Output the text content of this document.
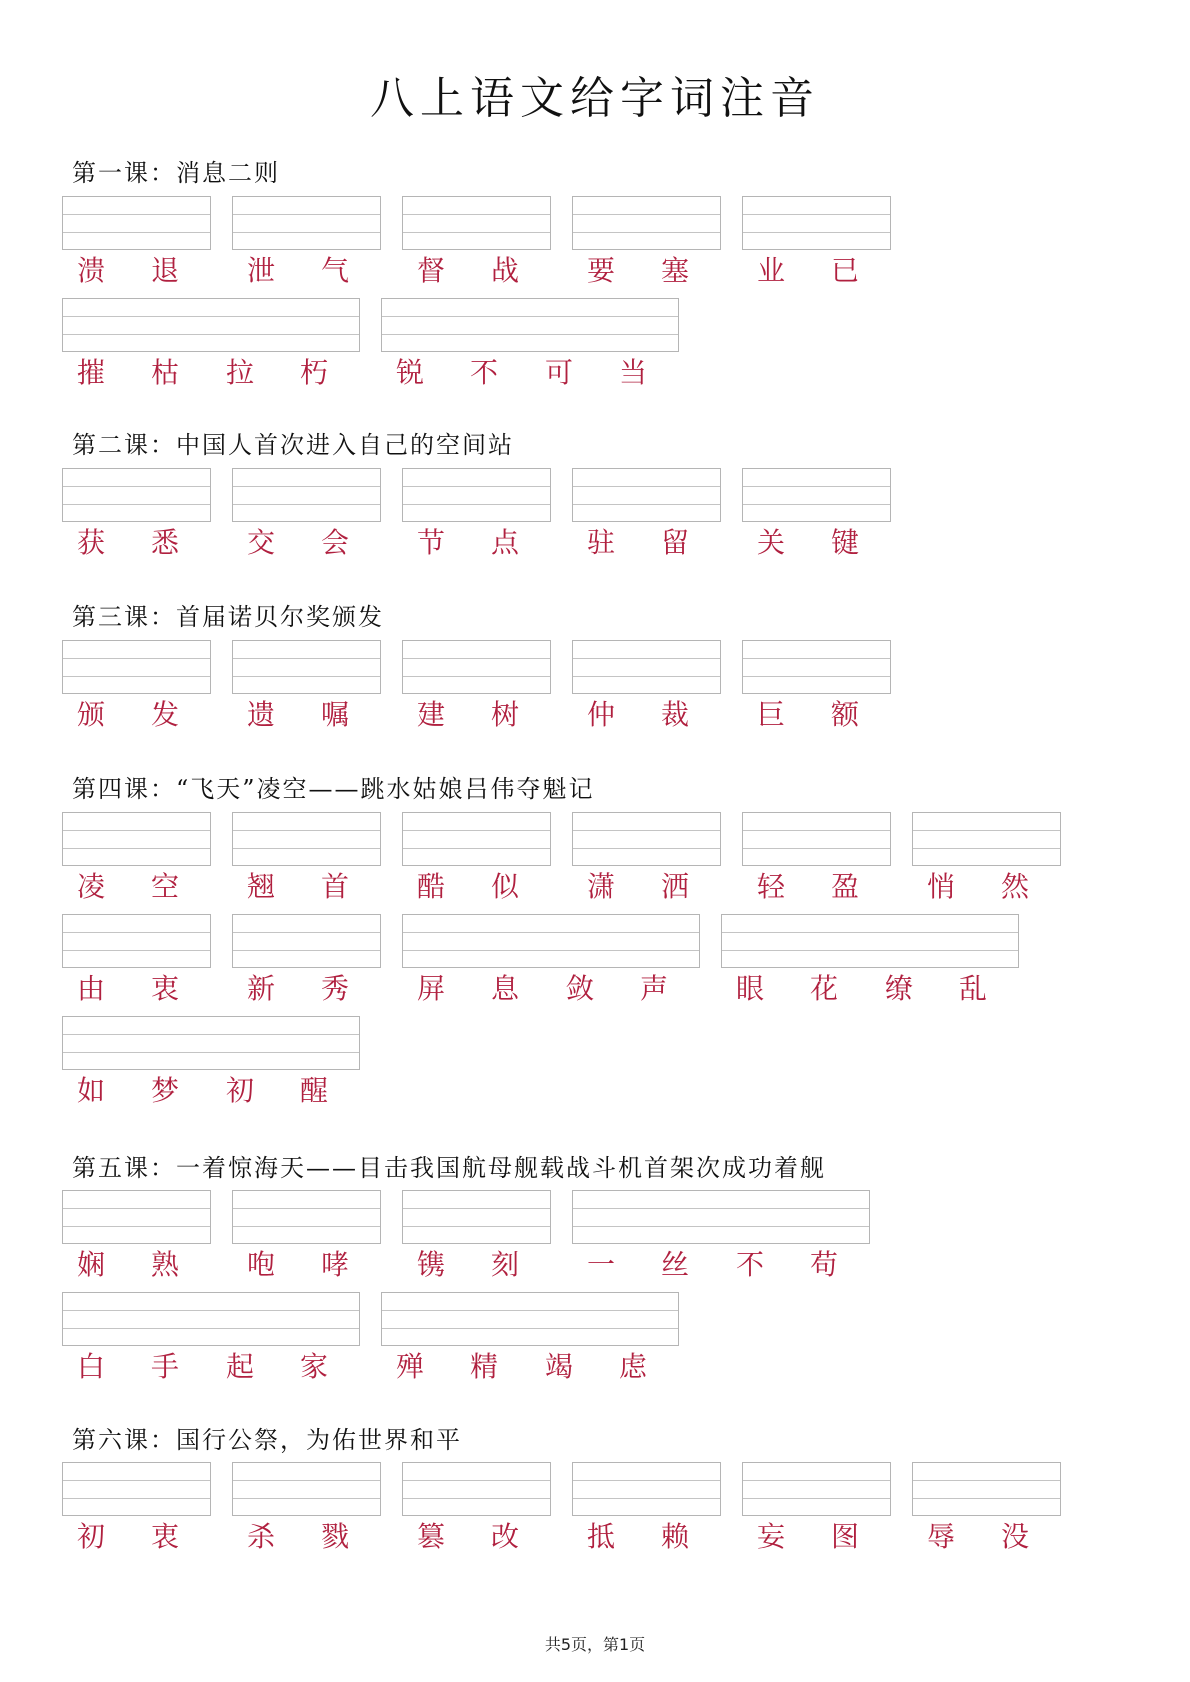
八上语文给字词注音
第一课：消息二则
溃 退 泄 气 督 战 要 塞 业 已
摧 枯 拉 朽 锐 不 可 当
第二课：中国人首次进入自己的空间站
获 悉 交 会 节 点 驻 留 关 键
第三课：首届诺贝尔奖颁发
颁 发 遗 嘱 建 树 仲 裁 巨 额
第四课：“飞天”凌空——跳水姑娘吕伟夺魁记
凌 空 翘 首 酷 似 潇 洒 轻 盈 悄 然
由 衷 新 秀 屏 息 敛 声 眼 花 缭 乱
如 梦 初 醒
第五课：一着惊海天——目击我国航母舰载战斗机首架次成功着舰
娴 熟 咆 哮 镌 刻 一 丝 不 苟
白 手 起 家 殚 精 竭 虑
第六课：国行公祭，为佑世界和平
初 衷 杀 戮 篡 改 抵 赖 妄 图 辱 没
共5页，第1页
